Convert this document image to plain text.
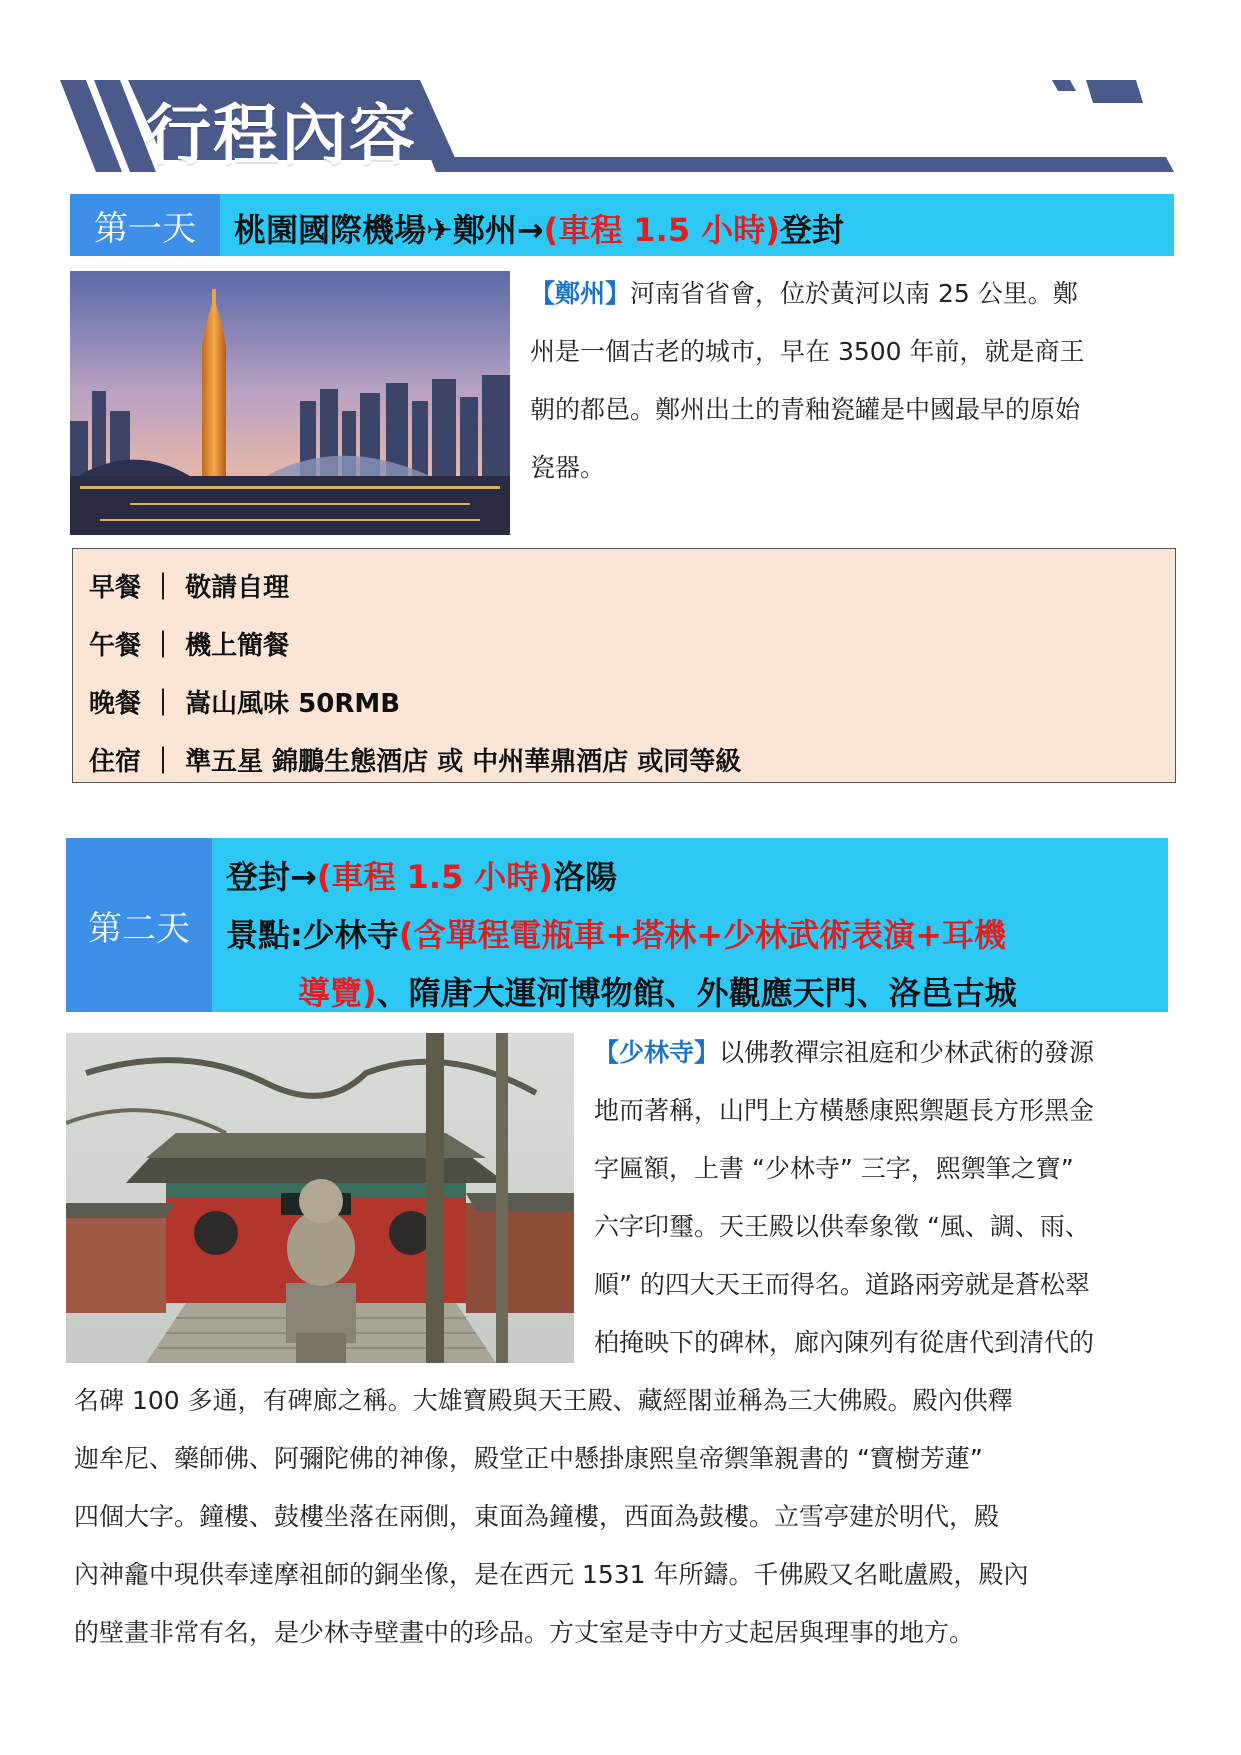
行程內容
第一天	桃園國際機場✈鄭州→(車程 1.5 小時)登封
【鄭州】河南省省會，位於黃河以南 25 公里。鄭
州是一個古老的城市，早在 3500 年前，就是商王
朝的都邑。鄭州出土的青釉瓷罐是中國最早的原始
瓷器。
早餐 ｜ 敬請自理
午餐 ｜ 機上簡餐
晚餐 ｜ 嵩山風味 50RMB
住宿 ｜ 準五星 錦鵬生態酒店 或 中州華鼎酒店 或同等級
第二天
登封→(車程 1.5 小時)洛陽
景點:少林寺(含單程電瓶車+塔林+少林武術表演+耳機
導覽)、隋唐大運河博物館、外觀應天門、洛邑古城
【少林寺】以佛教禪宗祖庭和少林武術的發源
地而著稱，山門上方橫懸康熙禦題長方形黑金
字匾額，上書 “少林寺” 三字，熙禦筆之寶”
六字印璽。天王殿以供奉象徵 “風、調、雨、
順” 的四大天王而得名。道路兩旁就是蒼松翠
柏掩映下的碑林，廊內陳列有從唐代到清代的
名碑 100 多通，有碑廊之稱。大雄寶殿與天王殿、藏經閣並稱為三大佛殿。殿內供釋
迦牟尼、藥師佛、阿彌陀佛的神像，殿堂正中懸掛康熙皇帝禦筆親書的 “寶樹芳蓮”
四個大字。鐘樓、鼓樓坐落在兩側，東面為鐘樓，西面為鼓樓。立雪亭建於明代，殿
內神龕中現供奉達摩祖師的銅坐像，是在西元 1531 年所鑄。千佛殿又名毗盧殿，殿內
的壁畫非常有名，是少林寺壁畫中的珍品。方丈室是寺中方丈起居與理事的地方。
